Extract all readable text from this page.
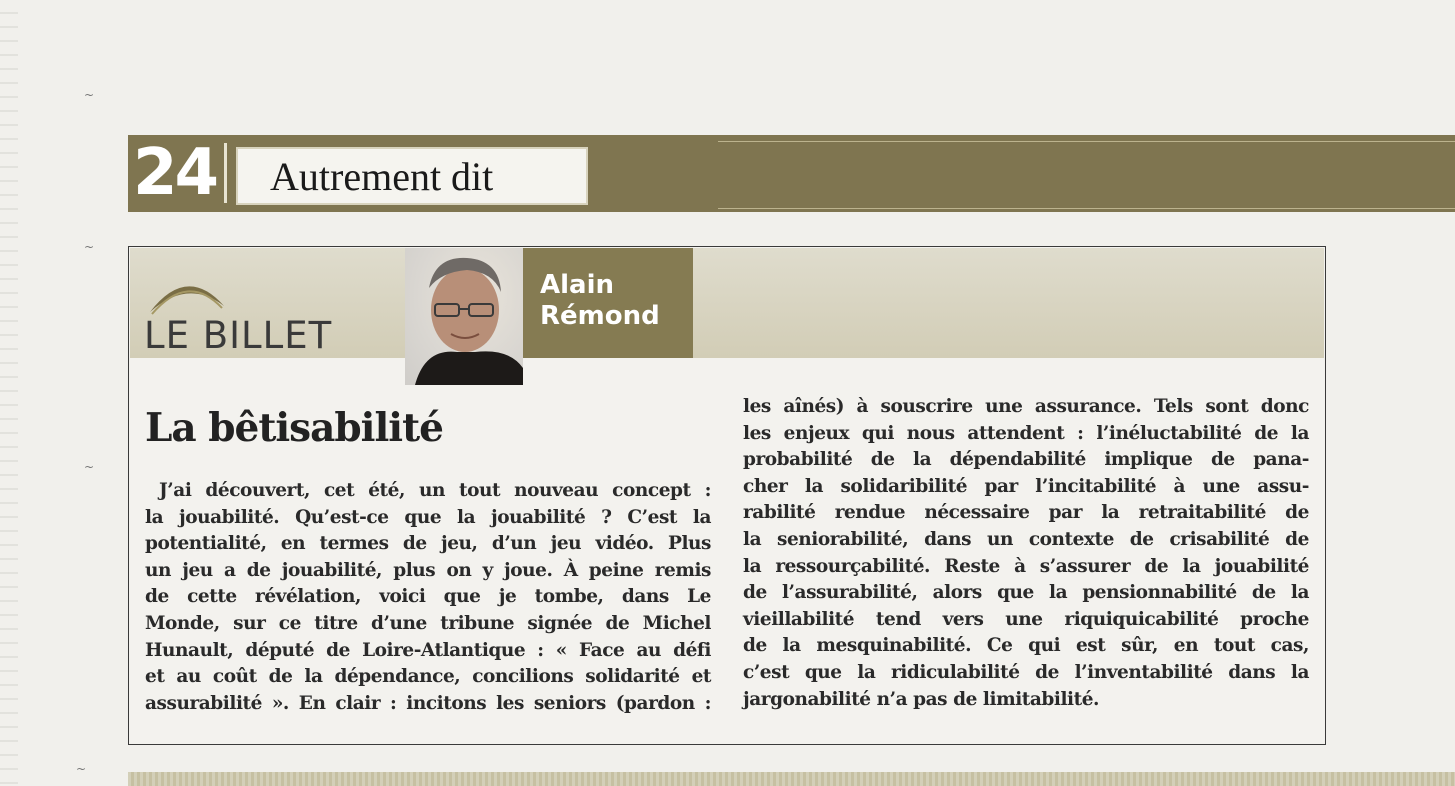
~
~
~
~
24	Autrement dit
LE BILLET
Alain
Rémond
La bêtisabilité
J’ai découvert, cet été, un tout nouveau concept :
la jouabilité. Qu’est-ce que la jouabilité ? C’est la
potentialité, en termes de jeu, d’un jeu vidéo. Plus
un jeu a de jouabilité, plus on y joue. À peine remis
de cette révélation, voici que je tombe, dans Le
Monde, sur ce titre d’une tribune signée de Michel
Hunault, député de Loire-Atlantique : « Face au défi
et au coût de la dépendance, concilions solidarité et
assurabilité ». En clair : incitons les seniors (pardon :
les aînés) à souscrire une assurance. Tels sont donc
les enjeux qui nous attendent : l’inéluctabilité de la
probabilité de la dépendabilité implique de pana-
cher la solidaribilité par l’incitabilité à une assu-
rabilité rendue nécessaire par la retraitabilité de
la seniorabilité, dans un contexte de crisabilité de
la ressourçabilité. Reste à s’assurer de la jouabilité
de l’assurabilité, alors que la pensionnabilité de la
vieillabilité tend vers une riquiquicabilité proche
de la mesquinabilité. Ce qui est sûr, en tout cas,
c’est que la ridiculabilité de l’inventabilité dans la
jargonabilité n’a pas de limitabilité.
